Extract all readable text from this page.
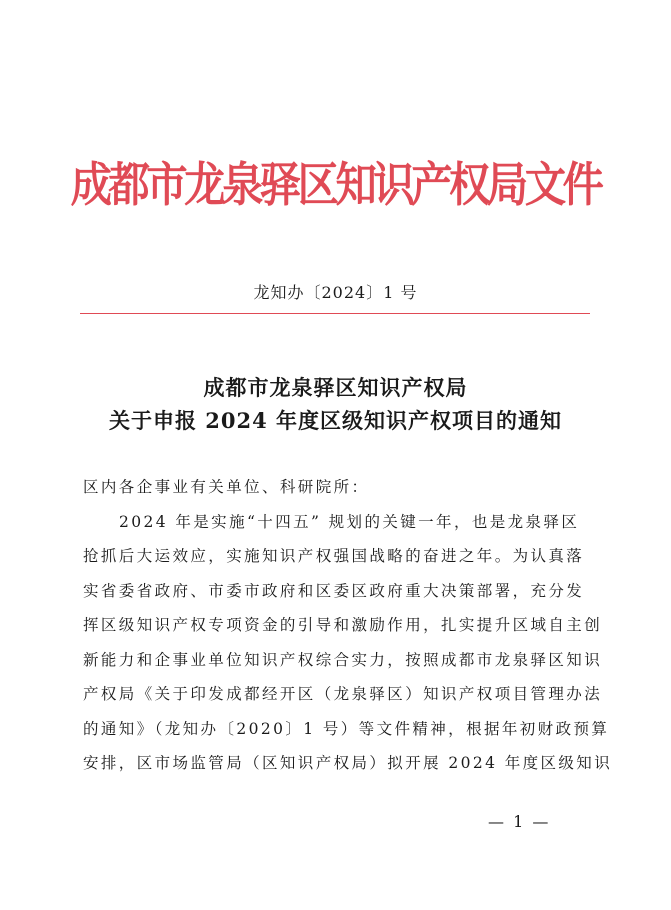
成都市龙泉驿区知识产权局文件
龙知办〔2024〕1 号
成都市龙泉驿区知识产权局
关于申报 2024 年度区级知识产权项目的通知

区内各企事业有关单位、科研院所：

2024 年是实施“十四五” 规划的关键一年，也是龙泉驿区
抢抓后大运效应，实施知识产权强国战略的奋进之年。为认真落
实省委省政府、市委市政府和区委区政府重大决策部署，充分发
挥区级知识产权专项资金的引导和激励作用，扎实提升区域自主创
新能力和企事业单位知识产权综合实力，按照成都市龙泉驿区知识
产权局《关于印发成都经开区（龙泉驿区）知识产权项目管理办法
的通知》（龙知办〔2020〕1 号）等文件精神，根据年初财政预算
安排，区市场监管局（区知识产权局）拟开展 2024 年度区级知识

— 1 —
